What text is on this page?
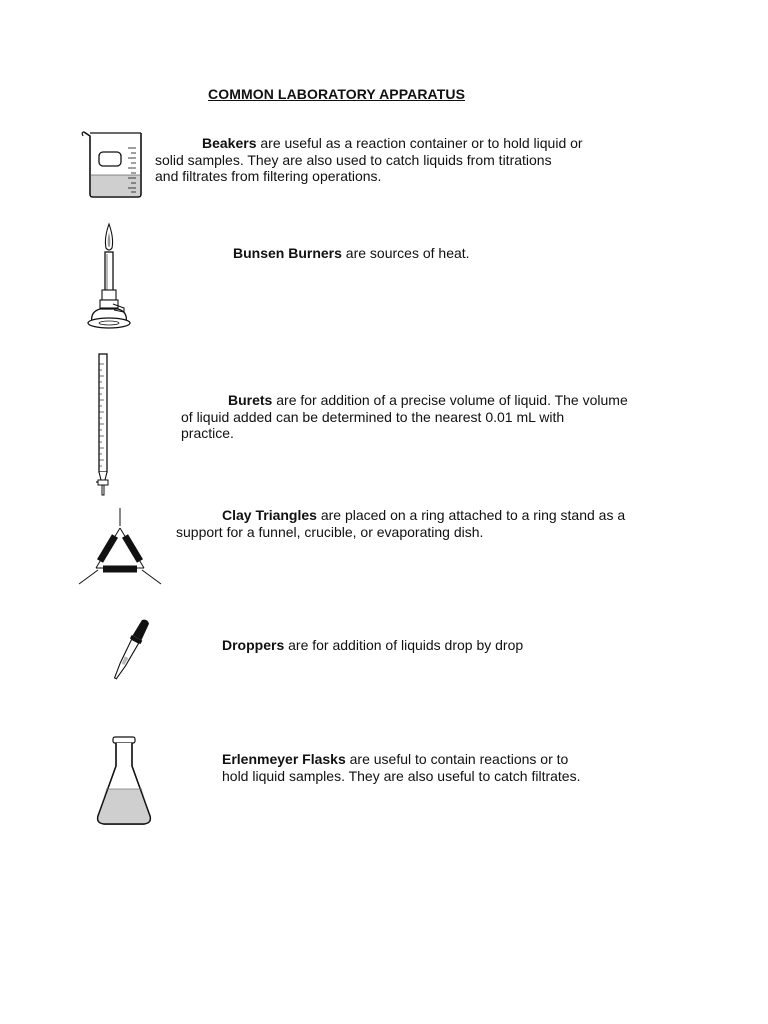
COMMON LABORATORY APPARATUS
Beakers are useful as a reaction container or to hold liquid or
solid samples. They are also used to catch liquids from titrations
and filtrates from filtering operations.
Bunsen Burners are sources of heat.
Burets are for addition of a precise volume of liquid. The volume
of liquid added can be determined to the nearest 0.01 mL with
practice.
Clay Triangles are placed on a ring attached to a ring stand as a
support for a funnel, crucible, or evaporating dish.
Droppers are for addition of liquids drop by drop
Erlenmeyer Flasks are useful to contain reactions or to
hold liquid samples. They are also useful to catch filtrates.
